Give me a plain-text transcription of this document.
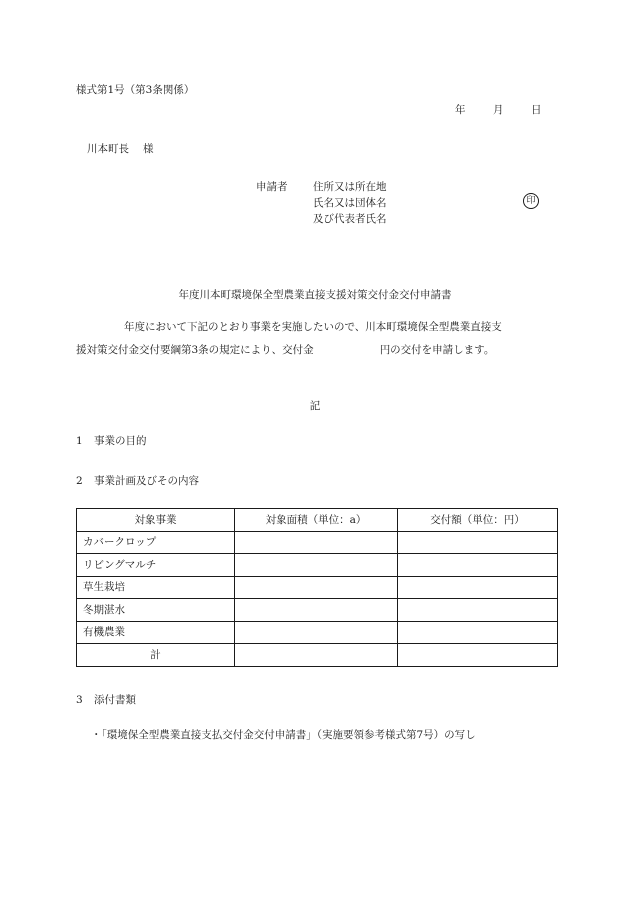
様式第1号（第3条関係）
年	月	日
川本町長 様
申請者 住所又は所在地
氏名又は団体名
及び代表者氏名
印
年度川本町環境保全型農業直接支援対策交付金交付申請書
年度において下記のとおり事業を実施したいので、川本町環境保全型農業直接支
援対策交付金交付要綱第3条の規定により、交付金	円の交付を申請します。
記
1 事業の目的
2 事業計画及びその内容
対象事業	対象面積（単位：a）	交付額（単位：円）
カバークロップ		
リビングマルチ		
草生栽培		
冬期湛水		
有機農業		
計		
3 添付書類
・「環境保全型農業直接支払交付金交付申請書」（実施要領参考様式第7号）の写し
